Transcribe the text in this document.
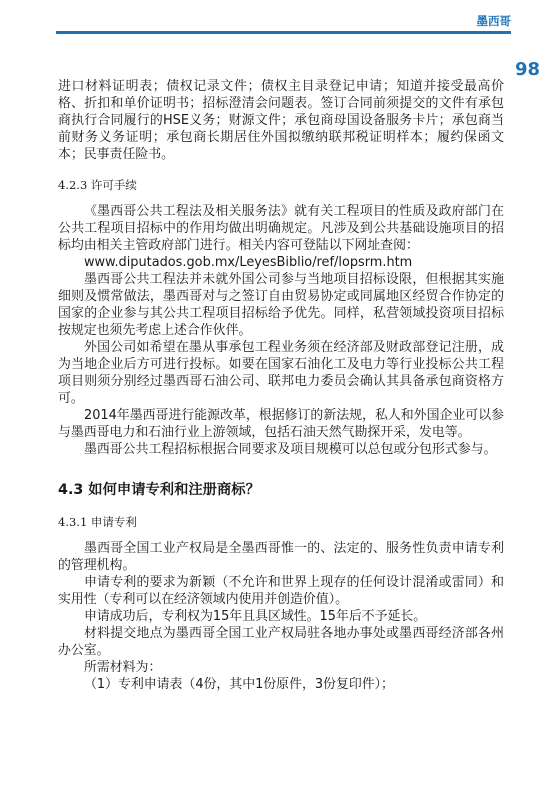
墨西哥
98

进口材料证明表；债权记录文件；债权主目录登记申请；知道并接受最高价格、折扣和单价证明书；招标澄清会问题表。签订合同前须提交的文件有承包商执行合同履行的HSE义务；财源文件；承包商母国设备服务卡片；承包商当前财务义务证明；承包商长期居住外国拟缴纳联邦税证明样本；履约保函文本；民事责任险书。

4.2.3 许可手续

《墨西哥公共工程法及相关服务法》就有关工程项目的性质及政府部门在公共工程项目招标中的作用均做出明确规定。凡涉及到公共基础设施项目的招标均由相关主管政府部门进行。相关内容可登陆以下网址查阅：

www.diputados.gob.mx/LeyesBiblio/ref/lopsrm.htm

墨西哥公共工程法并未就外国公司参与当地项目招标设限，但根据其实施细则及惯常做法，墨西哥对与之签订自由贸易协定或同属地区经贸合作协定的国家的企业参与其公共工程项目招标给予优先。同样，私营领域投资项目招标按规定也须先考虑上述合作伙伴。

外国公司如希望在墨从事承包工程业务须在经济部及财政部登记注册，成为当地企业后方可进行投标。如要在国家石油化工及电力等行业投标公共工程项目则须分别经过墨西哥石油公司、联邦电力委员会确认其具备承包商资格方可。

2014年墨西哥进行能源改革，根据修订的新法规，私人和外国企业可以参与墨西哥电力和石油行业上游领域，包括石油天然气勘探开采，发电等。

墨西哥公共工程招标根据合同要求及项目规模可以总包或分包形式参与。

4.3 如何申请专利和注册商标？
4.3.1 申请专利

墨西哥全国工业产权局是全墨西哥惟一的、法定的、服务性负责申请专利的管理机构。

申请专利的要求为新颖（不允许和世界上现存的任何设计混淆或雷同）和实用性（专利可以在经济领域内使用并创造价值）。

申请成功后，专利权为15年且具区域性。15年后不予延长。

材料提交地点为墨西哥全国工业产权局驻各地办事处或墨西哥经济部各州办公室。

所需材料为：

（1）专利申请表（4份，其中1份原件，3份复印件）；
